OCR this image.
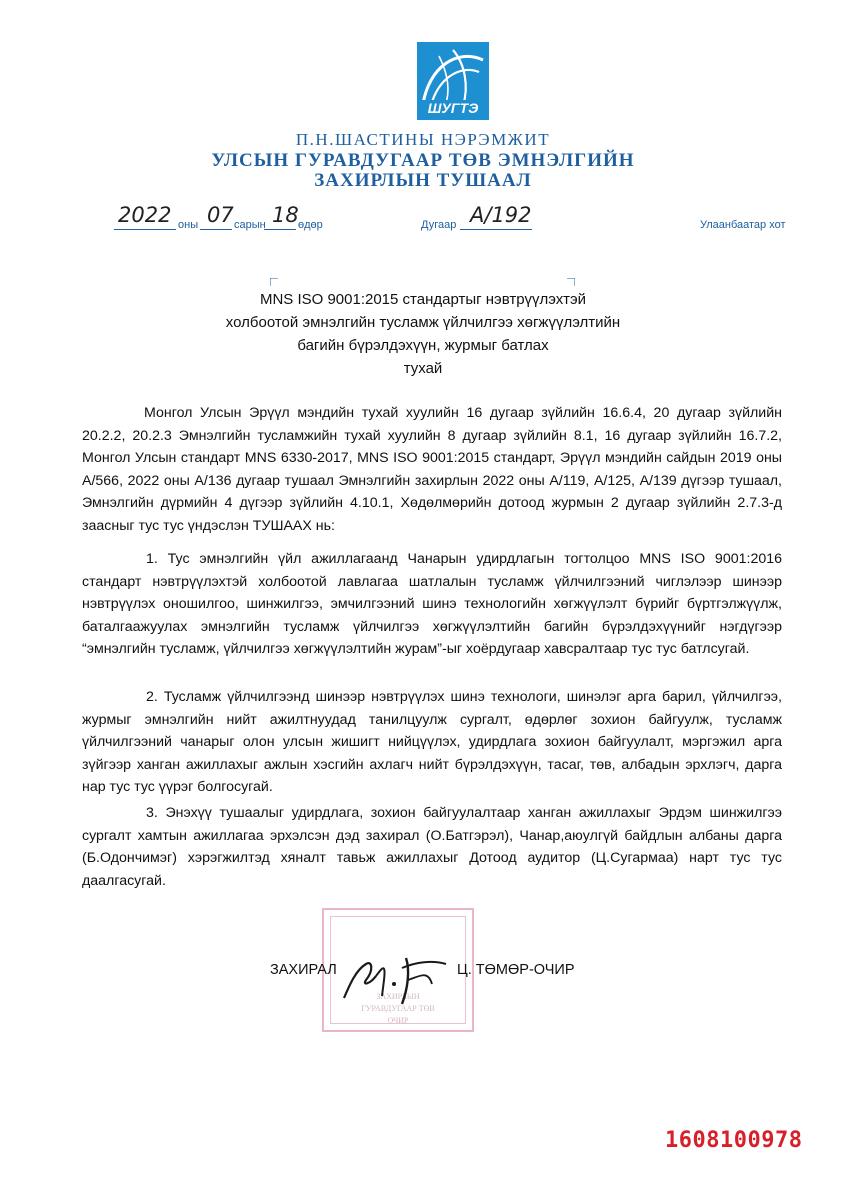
ШУГТЭ
П.Н.ШАСТИНЫ НЭРЭМЖИТ
УЛСЫН ГУРАВДУГААР ТӨВ ЭМНЭЛГИЙН
ЗАХИРЛЫН ТУШААЛ
2022 оны 07 сарын 18 өдөр	Дугаар А/192	Улаанбаатар хот
MNS ISO 9001:2015 стандартыг нэвтрүүлэхтэй
холбоотой эмнэлгийн тусламж үйлчилгээ хөгжүүлэлтийн
багийн бүрэлдэхүүн, журмыг батлах
тухай
Монгол Улсын Эрүүл мэндийн тухай хуулийн 16 дугаар зүйлийн 16.6.4, 20 дугаар зүйлийн 20.2.2, 20.2.3 Эмнэлгийн тусламжийн тухай хуулийн 8 дугаар зүйлийн 8.1, 16 дугаар зүйлийн 16.7.2, Монгол Улсын стандарт MNS 6330-2017, MNS ISO 9001:2015 стандарт, Эрүүл мэндийн сайдын 2019 оны А/566, 2022 оны А/136 дугаар тушаал Эмнэлгийн захирлын 2022 оны А/119, А/125, А/139 дүгээр тушаал, Эмнэлгийн дүрмийн 4 дүгээр зүйлийн 4.10.1, Хөдөлмөрийн дотоод журмын 2 дугаар зүйлийн 2.7.3-д заасныг тус тус үндэслэн ТУШААХ нь:
1. Тус эмнэлгийн үйл ажиллагаанд Чанарын удирдлагын тогтолцоо MNS ISO 9001:2016 стандарт нэвтрүүлэхтэй холбоотой лавлагаа шатлалын тусламж үйлчилгээний чиглэлээр шинээр нэвтрүүлэх оношилгоо, шинжилгээ, эмчилгээний шинэ технологийн хөгжүүлэлт бүрийг бүртгэлжүүлж, баталгаажуулах эмнэлгийн тусламж үйлчилгээ хөгжүүлэлтийн багийн бүрэлдэхүүнийг нэгдүгээр “эмнэлгийн тусламж, үйлчилгээ хөгжүүлэлтийн журам”-ыг хоёрдугаар хавсралтаар тус тус батлсугай.
2. Тусламж үйлчилгээнд шинээр нэвтрүүлэх шинэ технологи, шинэлэг арга барил, үйлчилгээ, журмыг эмнэлгийн нийт ажилтнуудад танилцуулж сургалт, өдөрлөг зохион байгуулж, тусламж үйлчилгээний чанарыг олон улсын жишигт нийцүүлэх, удирдлага зохион байгуулалт, мэргэжил арга зүйгээр ханган ажиллахыг ажлын хэсгийн ахлагч нийт бүрэлдэхүүн, тасаг, төв, албадын эрхлэгч, дарга нар тус тус үүрэг болгосугай.
3. Энэхүү тушаалыг удирдлага, зохион байгуулалтаар ханган ажиллахыг Эрдэм шинжилгээ сургалт хамтын ажиллагаа эрхэлсэн дэд захирал (О.Батгэрэл), Чанар,аюулгүй байдлын албаны дарга (Б.Одончимэг) хэрэгжилтэд хяналт тавьж ажиллахыг Дотоод аудитор (Ц.Сугармаа) нарт тус тус даалгасугай.
ЗАХИРЛЫН
ГУРАВДУГААР ТӨВ
ОЧИР
ЗАХИРАЛ	Ц. ТӨМӨР-ОЧИР
1608100978
